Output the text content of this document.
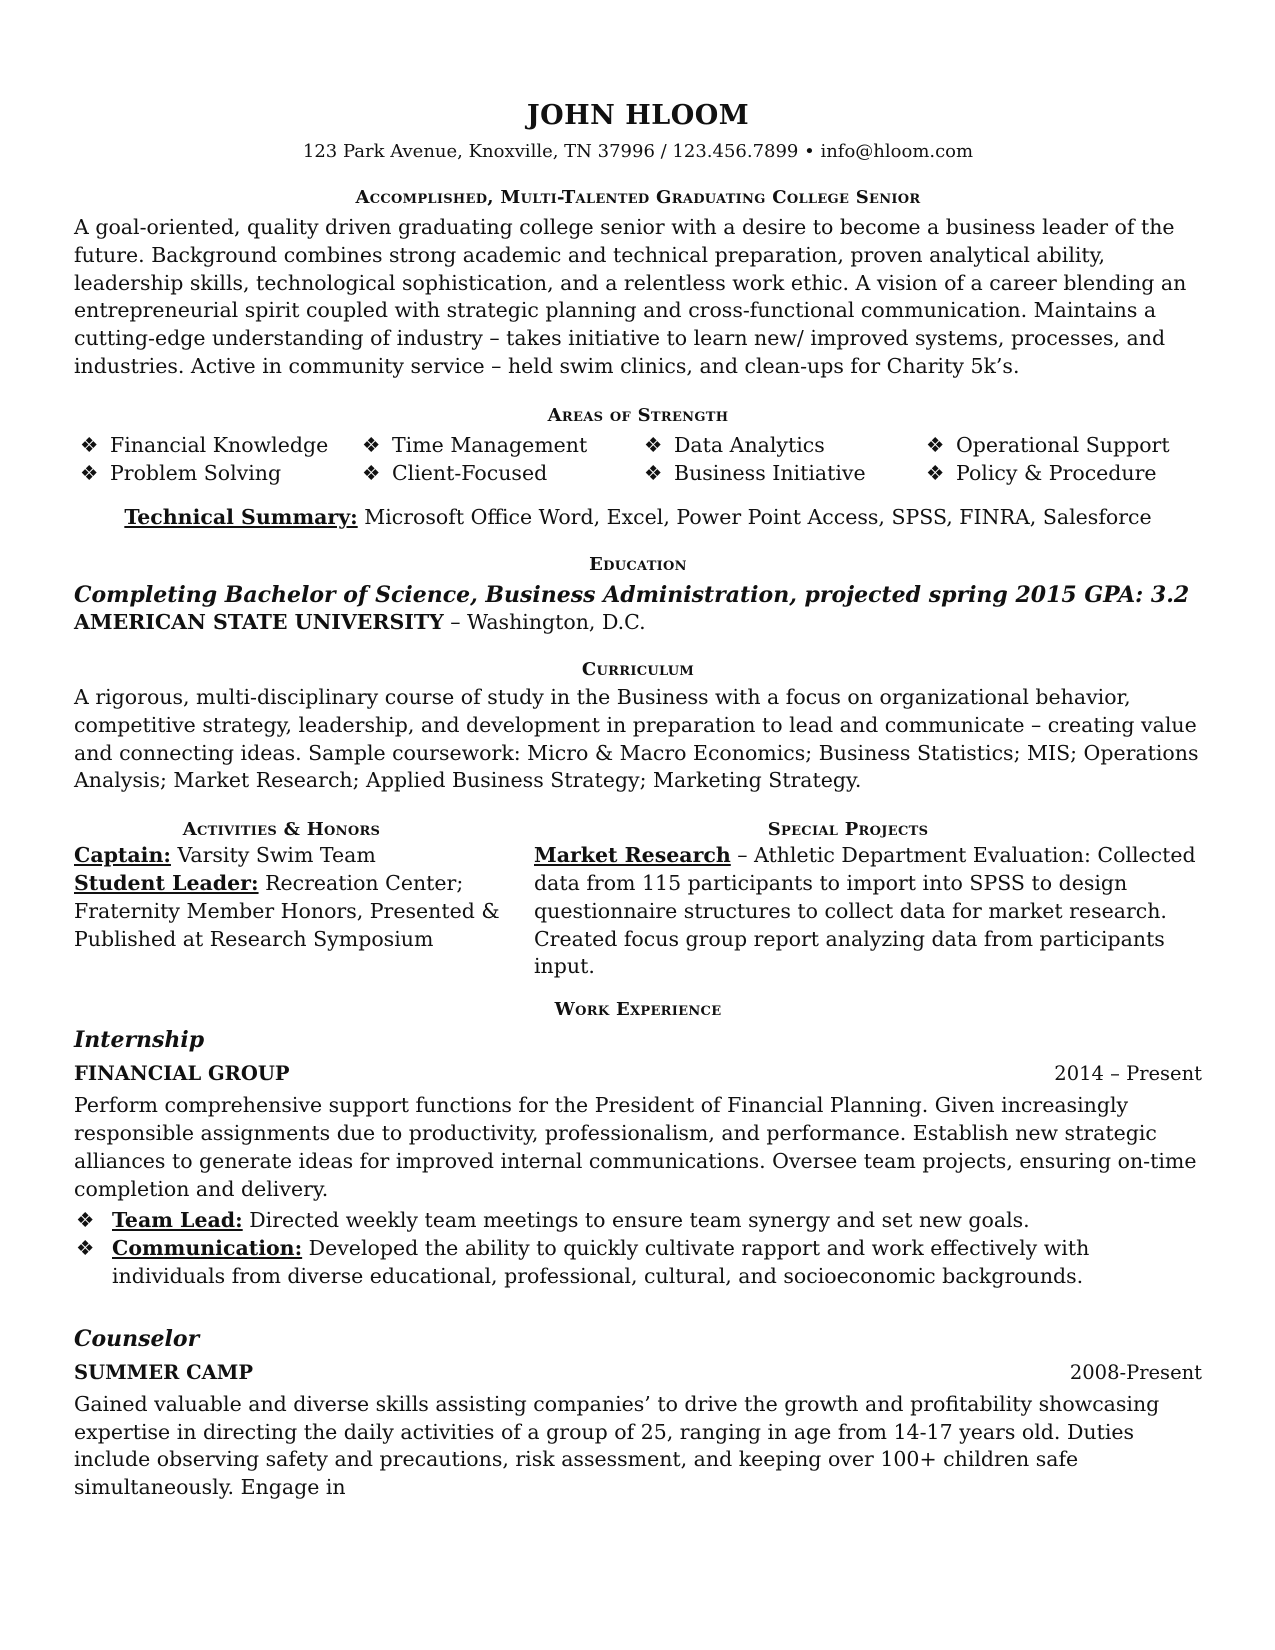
JOHN HLOOM
123 Park Avenue, Knoxville, TN 37996 / 123.456.7899 • info@hloom.com
Accomplished, Multi-Talented Graduating College Senior

A goal-oriented, quality driven graduating college senior with a desire to become a business leader of the future. Background combines strong academic and technical preparation, proven analytical ability, leadership skills, technological sophistication, and a relentless work ethic. A vision of a career blending an entrepreneurial spirit coupled with strategic planning and cross-functional communication. Maintains a cutting-edge understanding of industry – takes initiative to learn new/ improved systems, processes, and industries. Active in community service – held swim clinics, and clean-ups for Charity 5k’s.

Areas of Strength
❖ Financial Knowledge	❖ Time Management	❖ Data Analytics	❖ Operational Support
❖ Problem Solving	❖ Client-Focused	❖ Business Initiative	❖ Policy & Procedure
Technical Summary: Microsoft Office Word, Excel, Power Point Access, SPSS, FINRA, Salesforce
Education
Completing Bachelor of Science, Business Administration, projected spring 2015 GPA: 3.2
AMERICAN STATE UNIVERSITY – Washington, D.C.
Curriculum

A rigorous, multi-disciplinary course of study in the Business with a focus on organizational behavior, competitive strategy, leadership, and development in preparation to lead and communicate – creating value and connecting ideas. Sample coursework: Micro & Macro Economics; Business Statistics; MIS; Operations Analysis; Market Research; Applied Business Strategy; Marketing Strategy.

Activities & Honors

Captain: Varsity Swim Team

Student Leader: Recreation Center; Fraternity Member Honors, Presented & Published at Research Symposium

Special Projects

Market Research – Athletic Department Evaluation: Collected data from 115 participants to import into SPSS to design questionnaire structures to collect data for market research. Created focus group report analyzing data from participants input.

Work Experience
Internship
FINANCIAL GROUP	2014 – Present

Perform comprehensive support functions for the President of Financial Planning. Given increasingly responsible assignments due to productivity, professionalism, and performance. Establish new strategic alliances to generate ideas for improved internal communications. Oversee team projects, ensuring on-time completion and delivery.

❖ Team Lead: Directed weekly team meetings to ensure team synergy and set new goals.
❖ Communication: Developed the ability to quickly cultivate rapport and work effectively with individuals from diverse educational, professional, cultural, and socioeconomic backgrounds.
Counselor
SUMMER CAMP	2008-Present

Gained valuable and diverse skills assisting companies’ to drive the growth and profitability showcasing expertise in directing the daily activities of a group of 25, ranging in age from 14-17 years old. Duties include observing safety and precautions, risk assessment, and keeping over 100+ children safe simultaneously. Engage in
